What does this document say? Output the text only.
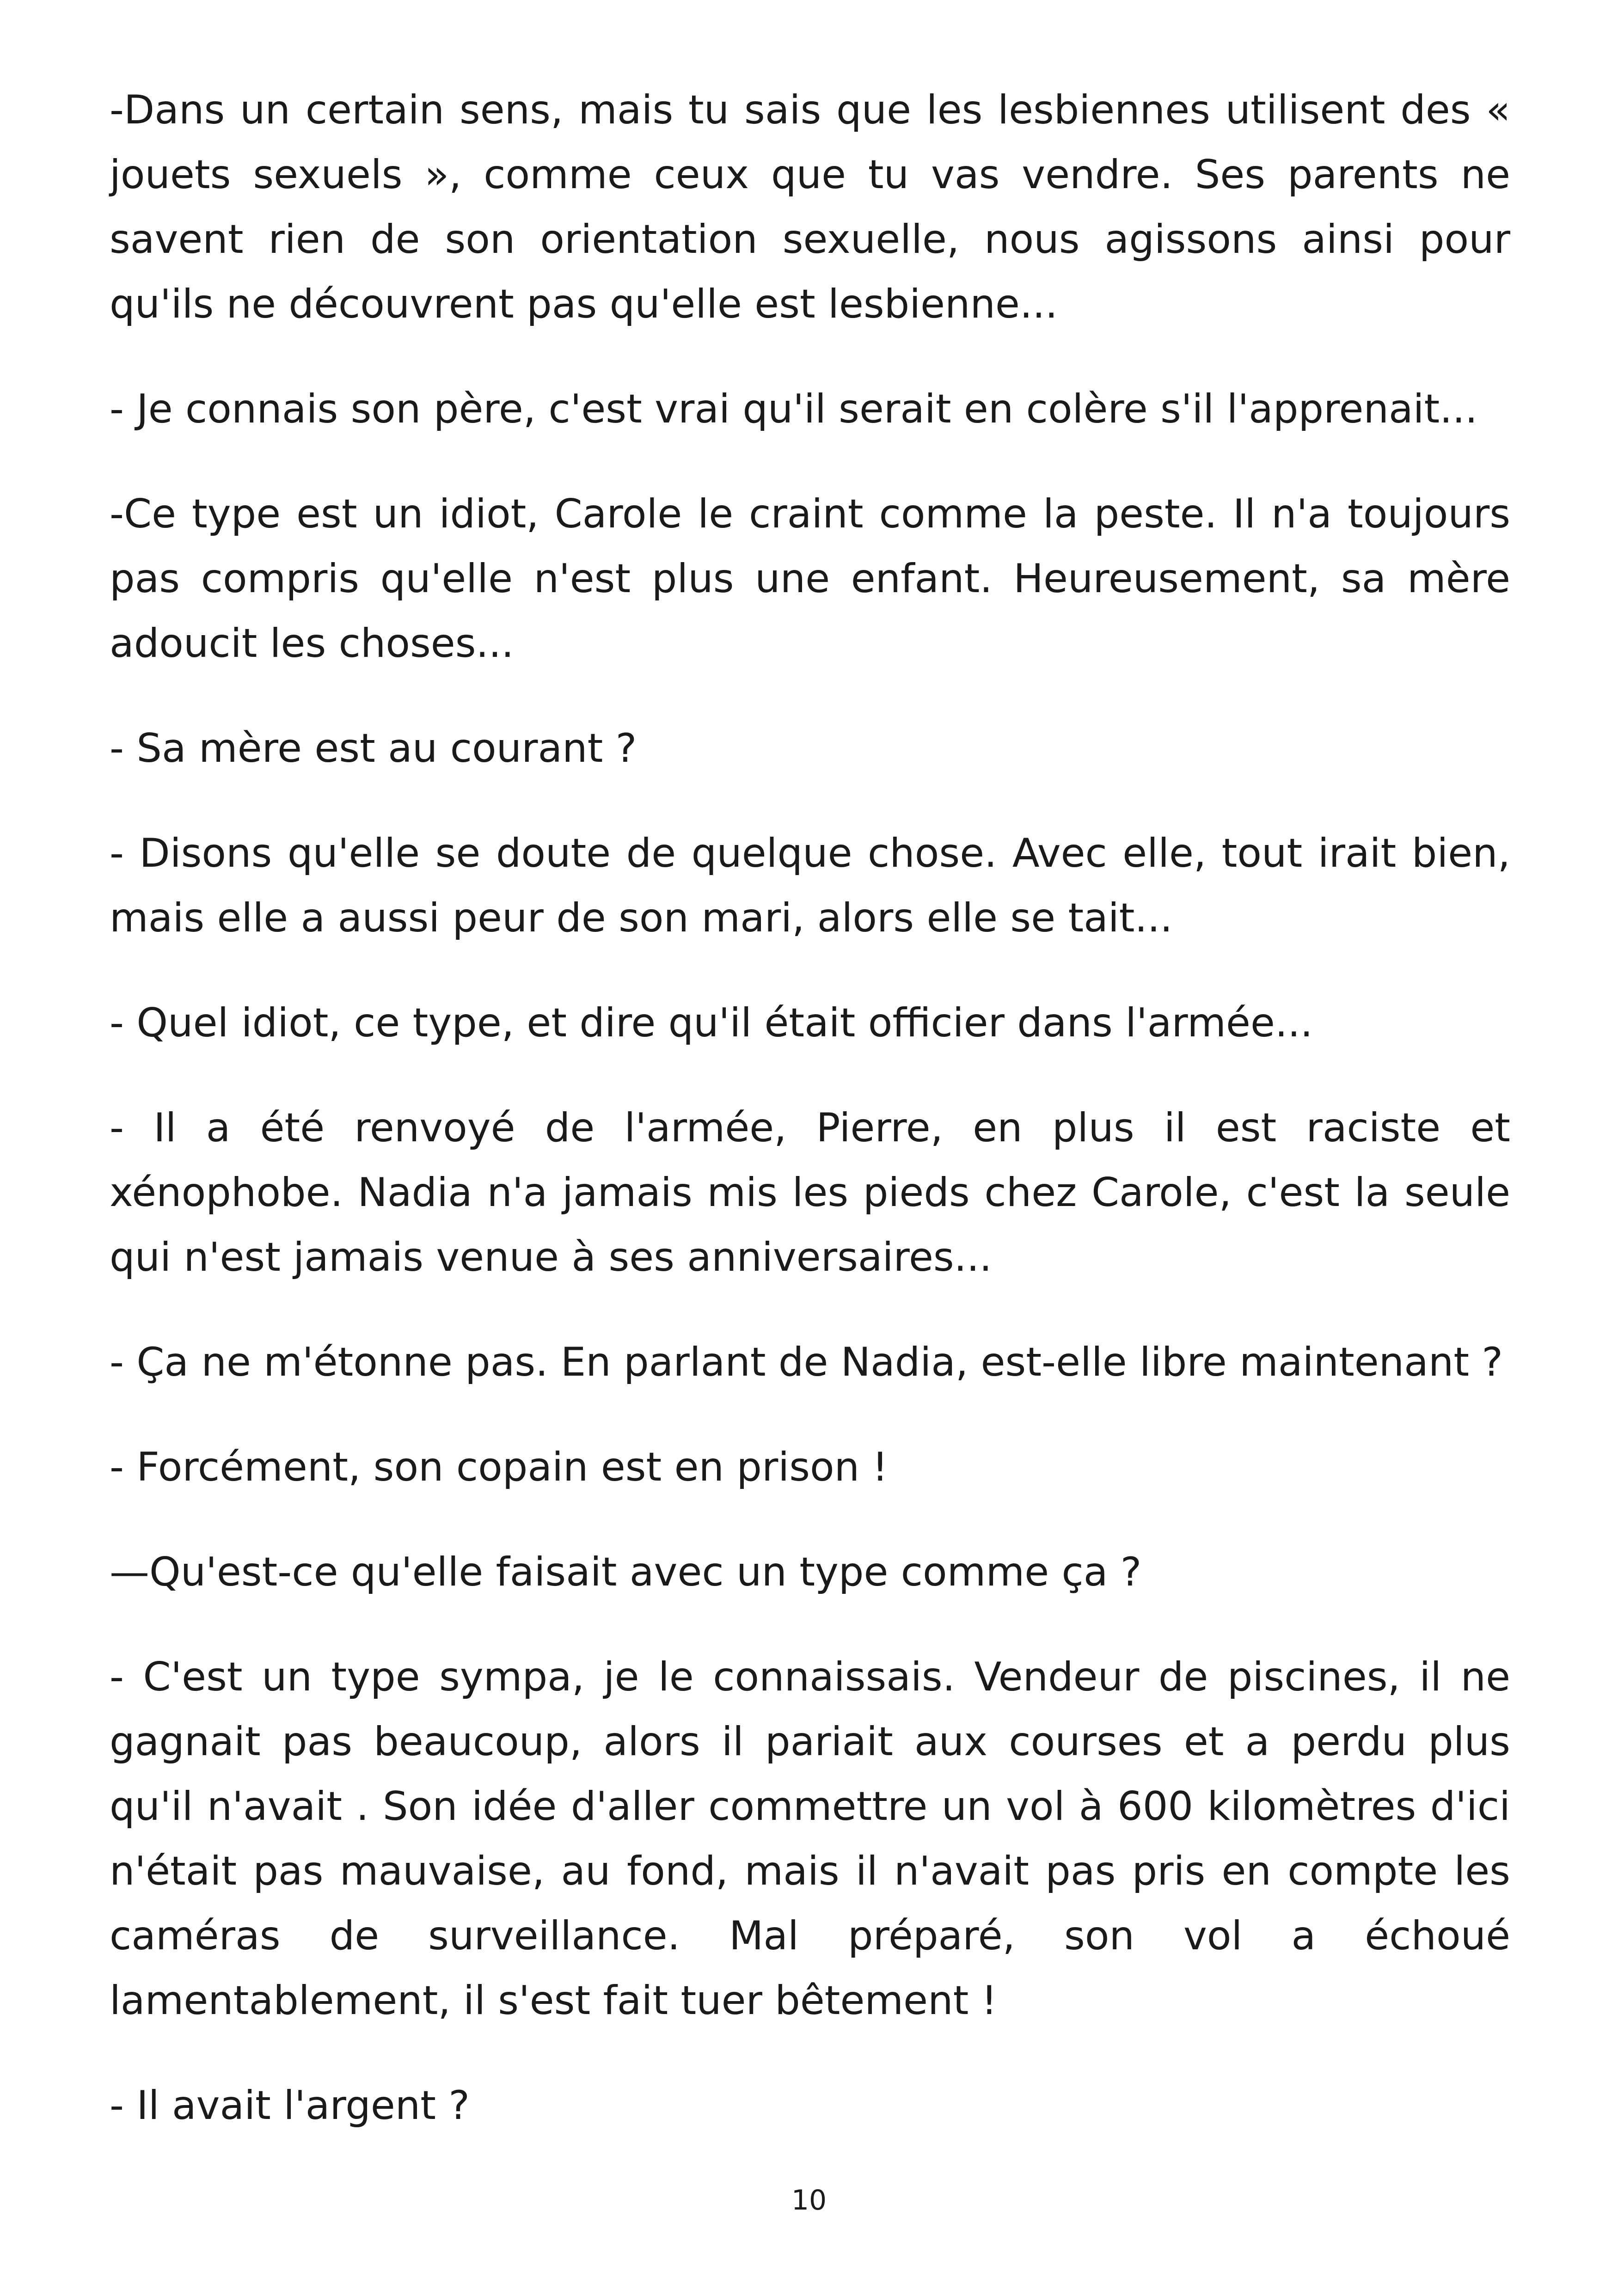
-Dans un certain sens, mais tu sais que les lesbiennes utilisent des « jouets sexuels », comme ceux que tu vas vendre. Ses parents ne savent rien de son orientation sexuelle, nous agissons ainsi pour qu'ils ne découvrent pas qu'elle est lesbienne...

- Je connais son père, c'est vrai qu'il serait en colère s'il l'apprenait...

-Ce type est un idiot, Carole le craint comme la peste. Il n'a toujours pas compris qu'elle n'est plus une enfant. Heureusement, sa mère adoucit les choses...

- Sa mère est au courant ?

- Disons qu'elle se doute de quelque chose. Avec elle, tout irait bien, mais elle a aussi peur de son mari, alors elle se tait...

- Quel idiot, ce type, et dire qu'il était officier dans l'armée...

- Il a été renvoyé de l'armée, Pierre, en plus il est raciste et xénophobe. Nadia n'a jamais mis les pieds chez Carole, c'est la seule qui n'est jamais venue à ses anniversaires...

- Ça ne m'étonne pas. En parlant de Nadia, est-elle libre maintenant ?

- Forcément, son copain est en prison !

—Qu'est-ce qu'elle faisait avec un type comme ça ?

- C'est un type sympa, je le connaissais. Vendeur de piscines, il ne gagnait pas beaucoup, alors il pariait aux courses et a perdu plus qu'il n'avait . Son idée d'aller commettre un vol à 600 kilomètres d'ici n'était pas mauvaise, au fond, mais il n'avait pas pris en compte les caméras de surveillance. Mal préparé, son vol a échoué lamentablement, il s'est fait tuer bêtement !

- Il avait l'argent ?

10
